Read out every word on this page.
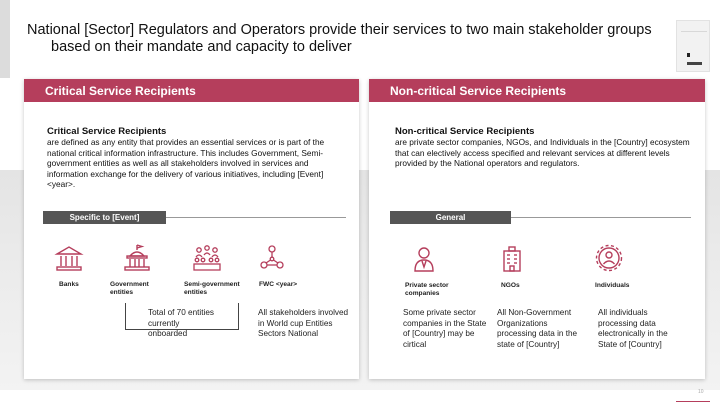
National [Sector] Regulators and Operators provide their services to two main stakeholder groups
based on their mandate and capacity to deliver
Critical Service Recipients
Critical Service Recipients
are defined as any entity that provides an essential services or is part of the national critical information infrastructure. This includes Government, Semi-government entities as well as all stakeholders involved in services and information exchange for the delivery of various initiatives, including [Event] <year>.
Specific to [Event]
Banks	Government entities
Semi-government entities
FWC <year>
Total of 70 entities currently onboarded
All stakeholders involved in World cup Entities Sectors National
Non-critical Service Recipients
Non-critical Service Recipients
are private sector companies, NGOs, and Individuals in the [Country] ecosystem that can electively access specified and relevant services at different levels provided by the National operators and regulators.
General
Private sector companies
NGOs	Individuals
Some private sector companies in the State of [Country] may be cirtical
All Non-Government Organizations processing data in the state of [Country]
All individuals processing data electronically in the State of [Country]
10
